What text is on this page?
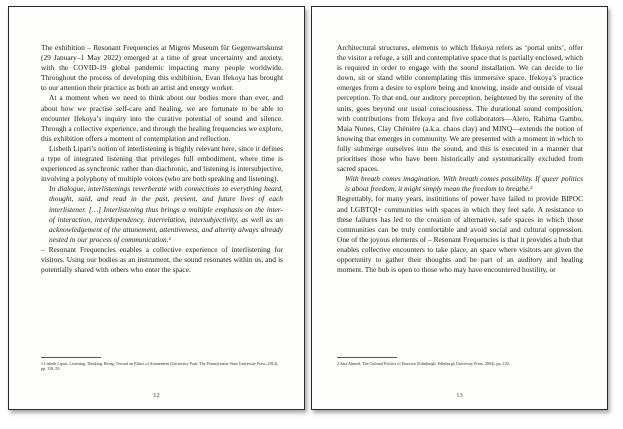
The exhibition – Resonant Frequencies at Migros Museum für Gegenwartskunst (29 January–1 May 2022) emerged at a time of great uncertainty and anxiety, with the COVID-19 global pandemic impacting many people worldwide. Throughout the process of developing this exhibition, Evan Ifekoya has brought to our attention their practice as both an artist and energy worker.

At a moment when we need to think about our bodies more than ever, and about how we practise self-care and healing, we are fortunate to be able to encounter Ifekoya’s inquiry into the curative potential of sound and silence. Through a collective experience, and through the healing frequencies we explore, this exhibition offers a moment of contemplation and reflection.

Lisbeth Lipari’s notion of interlistening is highly relevant here, since it defines a type of integrated listening that privileges full embodiment, where time is experienced as synchronic rather than diachronic, and listening is intersubjective, involving a polyphony of multiple voices (who are both speaking and listening).

In dialogue, interlistenings reverberate with connections to everything heard, thought, said, and read in the past, present, and future lives of each interlistener. […] Interlistening thus brings a multiple emphasis on the inter- of interaction, interdependency, interrelation, intersubjectivity, as well as an acknowledgement of the attunement, attentiveness, and alterity always already nested in our process of communication.¹

– Resonant Frequencies enables a collective experience of interlistening for visitors. Using our bodies as an instrument, the sound resonates within us, and is potentially shared with others who enter the space.

1 Lisbeth Lipari, Listening, Thinking, Being: Toward an Ethics of Attunement (University Park: The Pennsylvania State University Press, 2014), pp. 158–59.
12

Architectural structures, elements to which Ifekoya refers as ‘portal units’, offer the visitor a refuge, a still and contemplative space that is partially enclosed, which is required in order to engage with the sound installation. We can decide to lie down, sit or stand while contemplating this immersive space. Ifekoya’s practice emerges from a desire to explore being and knowing, inside and outside of visual perception. To that end, our auditory perception, heightened by the serenity of the units, goes beyond our usual consciousness. The durational sound composition, with contributions from Ifekoya and five collaborators—Alero, Rahima Gambo, Maia Nunes, Clay Chénière (a.k.a. chaos clay) and MINQ—extends the notion of knowing that emerges in community. We are presented with a moment in which to fully submerge ourselves into the sound, and this is executed in a manner that prioritises those who have been historically and systematically excluded from sacred spaces.

With breath comes imagination. With breath comes possibility. If queer politics is about freedom, it might simply mean the freedom to breathe.²

Regrettably, for many years, institutions of power have failed to provide BIPOC and LGBTQI+ communities with spaces in which they feel safe. A resistance to these failures has led to the creation of alternative, safe spaces in which those communities can be truly comfortable and avoid social and cultural oppression. One of the joyous elements of – Resonant Frequencies is that it provides a hub that enables collective encounters to take place, an space where visitors are given the opportunity to gather their thoughts and be part of an auditory and healing moment. The hub is open to those who may have encountered hostility, or

2 Sara Ahmed, The Cultural Politics of Emotion (Edinburgh: Edinburgh University Press, 2004), pp. 120.
13
